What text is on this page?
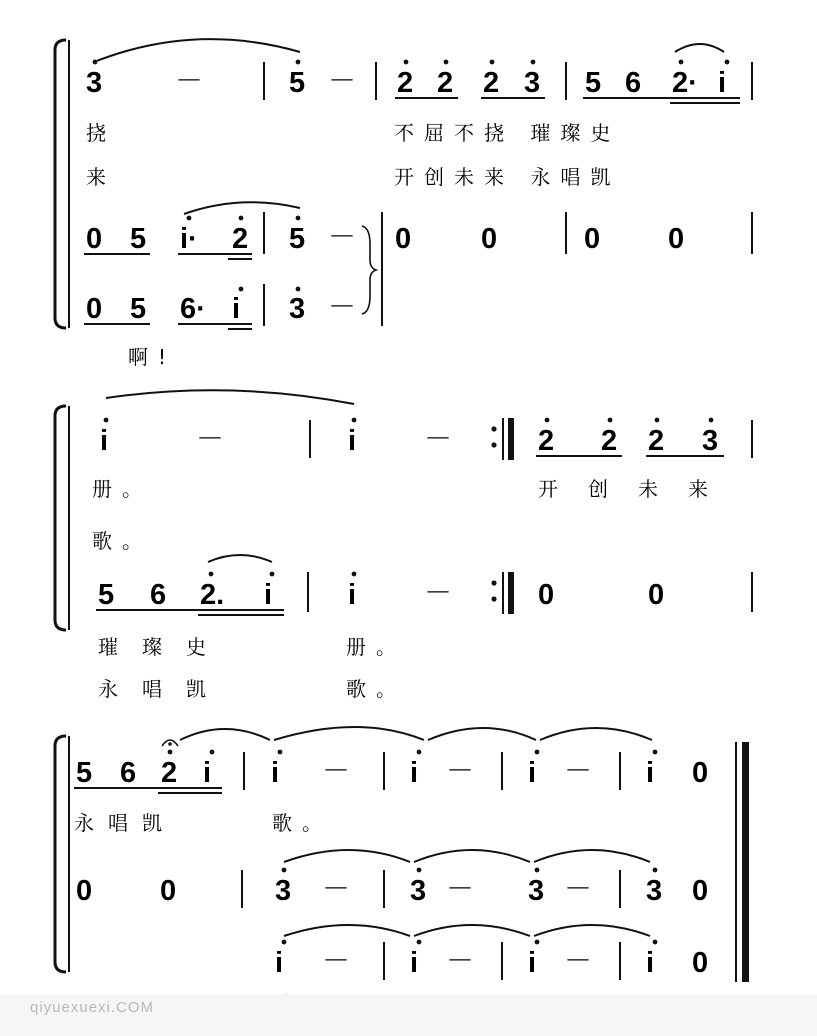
3	－	5 － 2 2 2 3 5 6 2· i
挠	不屈不挠 璀璨史
来	开创未来 永唱凯
0 5 i· 2 5 － 0 0	0 0
0 5 6· i 3 －
啊!
i	－	i －	2 2 2 3
册。	开创未来
歌。
5 6 2. i	i －	0	0
璀璨史	册。
永唱凯	歌。
5 6 2 i i － i － i － i 0
永唱凯	歌。
0 0	3 － 3 － 3 － 3 0
i － i － i － i 0
qiyuexuexi.COM
